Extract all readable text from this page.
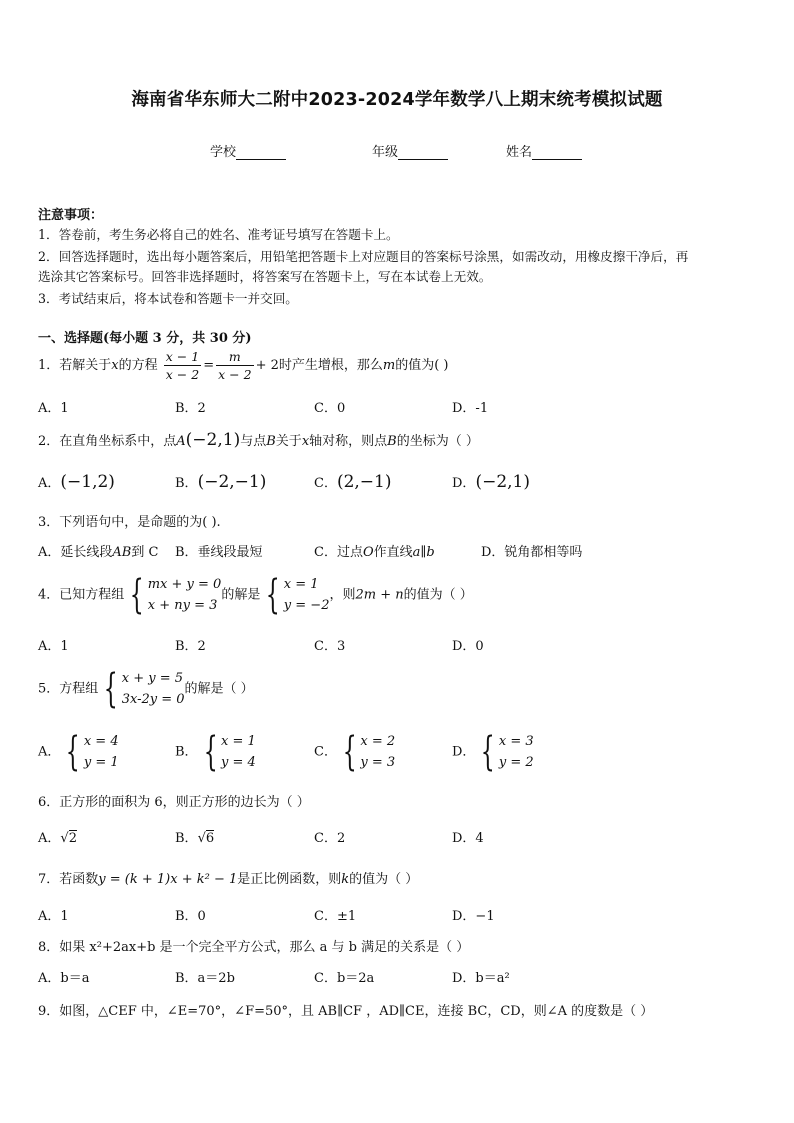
海南省华东师大二附中2023-2024学年数学八上期末统考模拟试题
学校	年级	姓名
注意事项：
1．答卷前，考生务必将自己的姓名、准考证号填写在答题卡上。
2．回答选择题时，选出每小题答案后，用铅笔把答题卡上对应题目的答案标号涂黑，如需改动，用橡皮擦干净后，再
选涂其它答案标号。回答非选择题时，将答案写在答题卡上，写在本试卷上无效。
3．考试结束后，将本试卷和答题卡一并交回。
一、选择题(每小题 3 分，共 30 分)
1．若解关于x的方程 $\frac{x - 1}{x - 2} = \frac{m}{x - 2} + 2$时产生增根，那么m的值为( )
A．1	B．2	C．0	D．-1
2．在直角坐标系中，点A(−2,1)与点B关于x轴对称，则点B的坐标为（ ）
A．(−1,2)	B．(−2,−1)	C．(2,−1)	D．(−2,1)
3．下列语句中，是命题的为( ).
A．延长线段AB到 C B．垂线段最短	C．过点O作直线a∥b	D．锐角都相等吗
4．已知方程组 { mx + y = 0
x + ny = 3
的解是 { x = 1
y = −2
，则2m + n的值为（ ）
A．1	B．2	C．3	D．0
5．方程组 { x + y = 5
3x-2y = 0
的解是（ ）
A． { x = 4
y = 1
B． { x = 1
y = 4
C． { x = 2
y = 3
D． { x = 3
y = 2
6．正方形的面积为 6，则正方形的边长为（ ）
A．√2	B．√6	C．2	D．4
7．若函数y = (k + 1)x + k² − 1是正比例函数，则k的值为（ ）
A．1	B．0	C．±1	D．−1
8．如果 x²+2ax+b 是一个完全平方公式，那么 a 与 b 满足的关系是（ ）
A．b＝a	B．a＝2b	C．b＝2a	D．b＝a²
9．如图，△CEF 中，∠E=70°，∠F=50°，且 AB∥CF ，AD∥CE，连接 BC，CD，则∠A 的度数是（ ）
